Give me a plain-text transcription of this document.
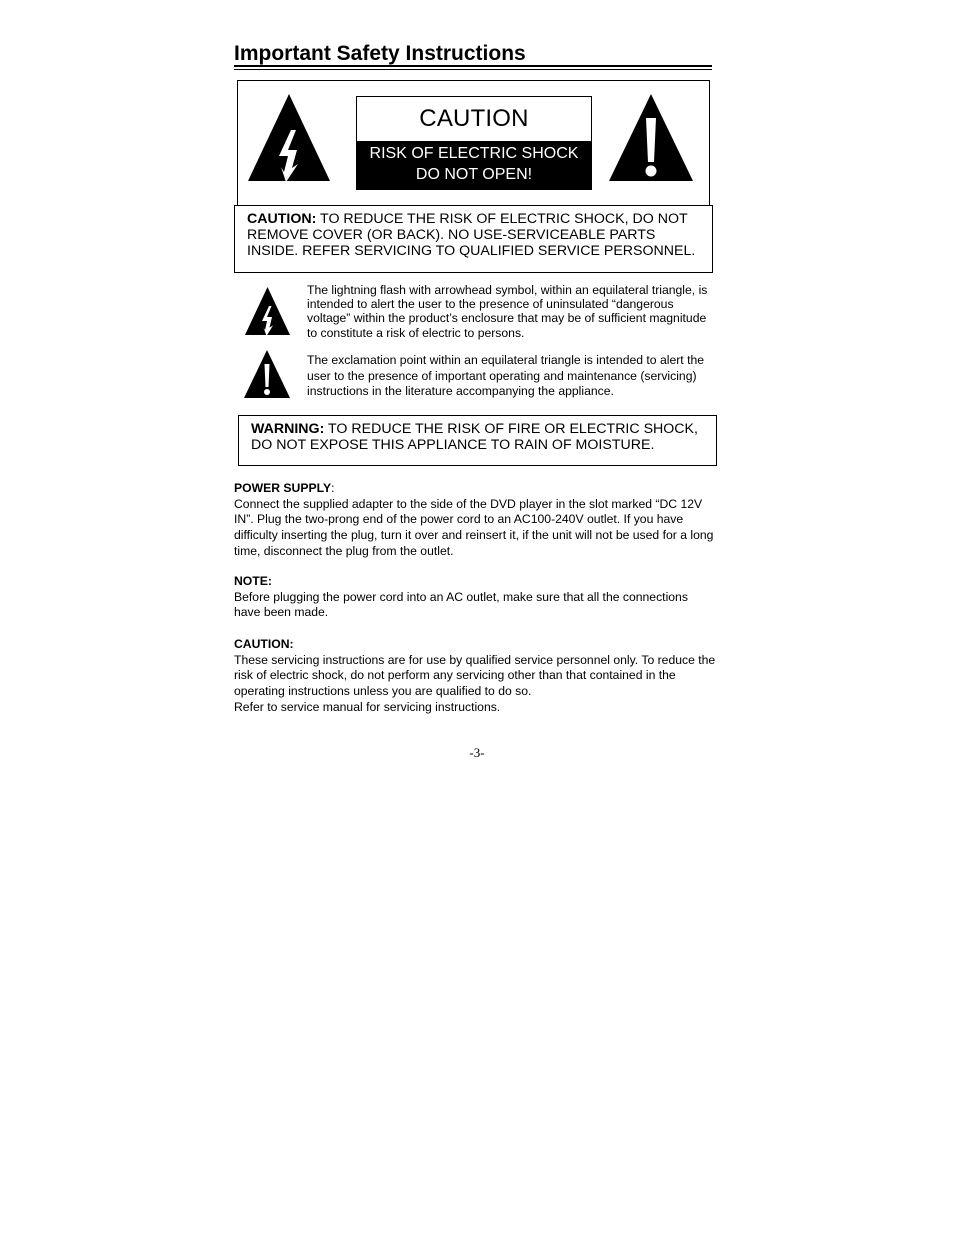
Important Safety Instructions
CAUTION
RISK OF ELECTRIC SHOCK
DO NOT OPEN!
CAUTION: TO REDUCE THE RISK OF ELECTRIC SHOCK, DO NOT REMOVE COVER (OR BACK). NO USE-SERVICEABLE PARTS INSIDE. REFER SERVICING TO QUALIFIED SERVICE PERSONNEL.
The lightning flash with arrowhead symbol, within an equilateral triangle, is intended to alert the user to the presence of uninsulated “dangerous voltage” within the product’s enclosure that may be of sufficient magnitude to constitute a risk of electric to persons.
The exclamation point within an equilateral triangle is intended to alert the user to the presence of important operating and maintenance (servicing) instructions in the literature accompanying the appliance.
WARNING: TO REDUCE THE RISK OF FIRE OR ELECTRIC SHOCK, DO NOT EXPOSE THIS APPLIANCE TO RAIN OF MOISTURE.
POWER SUPPLY:
Connect the supplied adapter to the side of the DVD player in the slot marked “DC 12V IN”. Plug the two-prong end of the power cord to an AC100-240V outlet. If you have difficulty inserting the plug, turn it over and reinsert it, if the unit will not be used for a long time, disconnect the plug from the outlet.
NOTE:
Before plugging the power cord into an AC outlet, make sure that all the connections have been made.
CAUTION:
These servicing instructions are for use by qualified service personnel only. To reduce the risk of electric shock, do not perform any servicing other than that contained in the operating instructions unless you are qualified to do so.
Refer to service manual for servicing instructions.
-3-
